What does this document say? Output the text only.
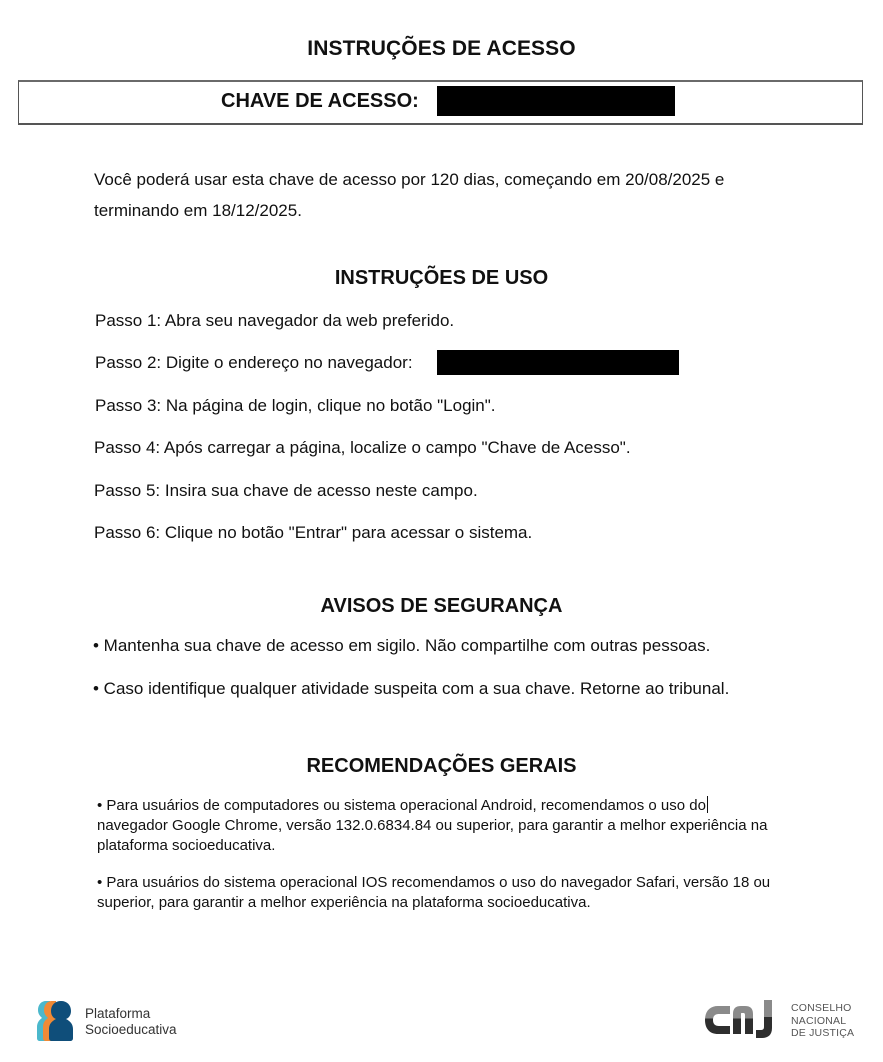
INSTRUÇÕES DE ACESSO
CHAVE DE ACESSO:
Você poderá usar esta chave de acesso por 120 dias, começando em 20/08/2025 e terminando em 18/12/2025.
INSTRUÇÕES DE USO
Passo 1: Abra seu navegador da web preferido.
Passo 2: Digite o endereço no navegador:
Passo 3: Na página de login, clique no botão "Login".
Passo 4: Após carregar a página, localize o campo "Chave de Acesso".
Passo 5: Insira sua chave de acesso neste campo.
Passo 6: Clique no botão "Entrar" para acessar o sistema.
AVISOS DE SEGURANÇA
• Mantenha sua chave de acesso em sigilo. Não compartilhe com outras pessoas.
• Caso identifique qualquer atividade suspeita com a sua chave. Retorne ao tribunal.
RECOMENDAÇÕES GERAIS
• Para usuários de computadores ou sistema operacional Android, recomendamos o uso do
navegador Google Chrome, versão 132.0.6834.84 ou superior, para garantir a melhor experiência na plataforma socioeducativa.
• Para usuários do sistema operacional IOS recomendamos o uso do navegador Safari, versão 18 ou superior, para garantir a melhor experiência na plataforma socioeducativa.
Plataforma
Socioeducativa
CONSELHO
NACIONAL
DE JUSTIÇA
